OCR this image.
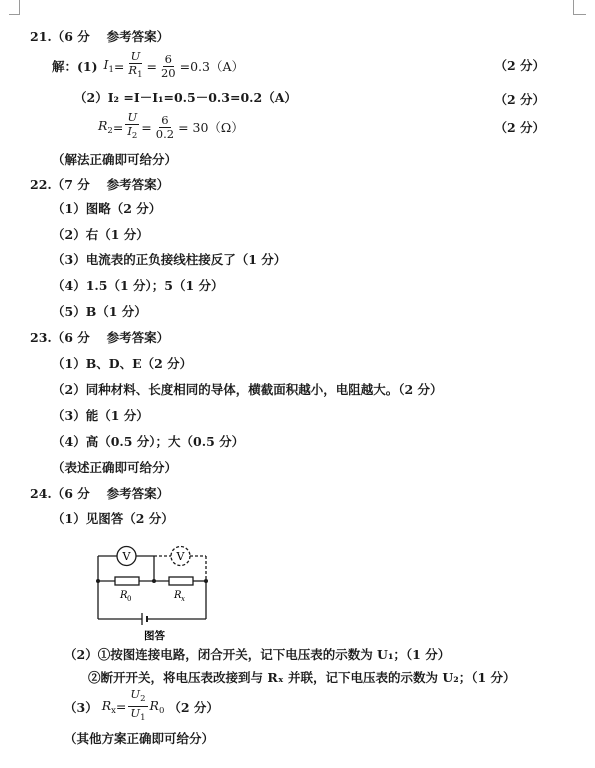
21.（6 分　 参考答案）
解：(1) $I_1 = \frac{U}{R_1} = \frac{6}{20} =0.3(A)$	（2 分）
（2）I₂ =I－I₁=0.5－0.3=0.2（A）	（2 分）
$R_2 = \frac{U}{I_2} = \frac{6}{0.2} = 30(\Omega)$	（2 分）
（解法正确即可给分）
22.（7 分　 参考答案）
（1）图略（2 分）
（2）右（1 分）
（3）电流表的正负接线柱接反了（1 分）
（4）1.5（1 分）；5（1 分）
（5）B（1 分）
23.（6 分　 参考答案）
（1）B、D、E（2 分）
（2）同种材料、长度相同的导体，横截面积越小，电阻越大。（2 分）
（3）能（1 分）
（4）高（0.5 分）；大（0.5 分）
（表述正确即可给分）
24.（6 分　 参考答案）
（1）见图答（2 分）
V	V
R 0	R x
图答
（2）①按图连接电路，闭合开关，记下电压表的示数为 U₁；（1 分）
②断开开关，将电压表改接到与 Rₓ 并联，记下电压表的示数为 U₂；（1 分）
（3） $R_x = \frac{U_2}{U_1} R_0$ （2 分）
（其他方案正确即可给分）
